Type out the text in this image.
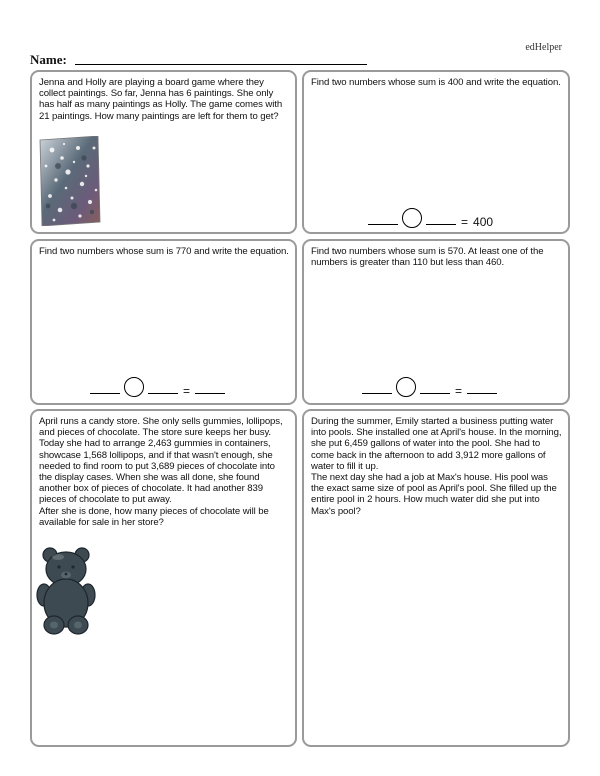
edHelper
Name:
Jenna and Holly are playing a board game where they collect paintings. So far, Jenna has 6 paintings. She only has half as many paintings as Holly. The game comes with 21 paintings. How many paintings are left for them to get?
Find two numbers whose sum is 400 and write the equation.
= 400
Find two numbers whose sum is 770 and write the equation.
=
Find two numbers whose sum is 570. At least one of the numbers is greater than 110 but less than 460.
=
April runs a candy store. She only sells gummies, lollipops, and pieces of chocolate. The store sure keeps her busy. Today she had to arrange 2,463 gummies in containers, showcase 1,568 lollipops, and if that wasn't enough, she needed to find room to put 3,689 pieces of chocolate into the display cases. When she was all done, she found another box of pieces of chocolate. It had another 839 pieces of chocolate to put away.
After she is done, how many pieces of chocolate will be available for sale in her store?
During the summer, Emily started a business putting water into pools. She installed one at April's house. In the morning, she put 6,459 gallons of water into the pool. She had to come back in the afternoon to add 3,912 more gallons of water to fill it up.
The next day she had a job at Max's house. His pool was the exact same size of pool as April's pool. She filled up the entire pool in 2 hours. How much water did she put into Max's pool?
